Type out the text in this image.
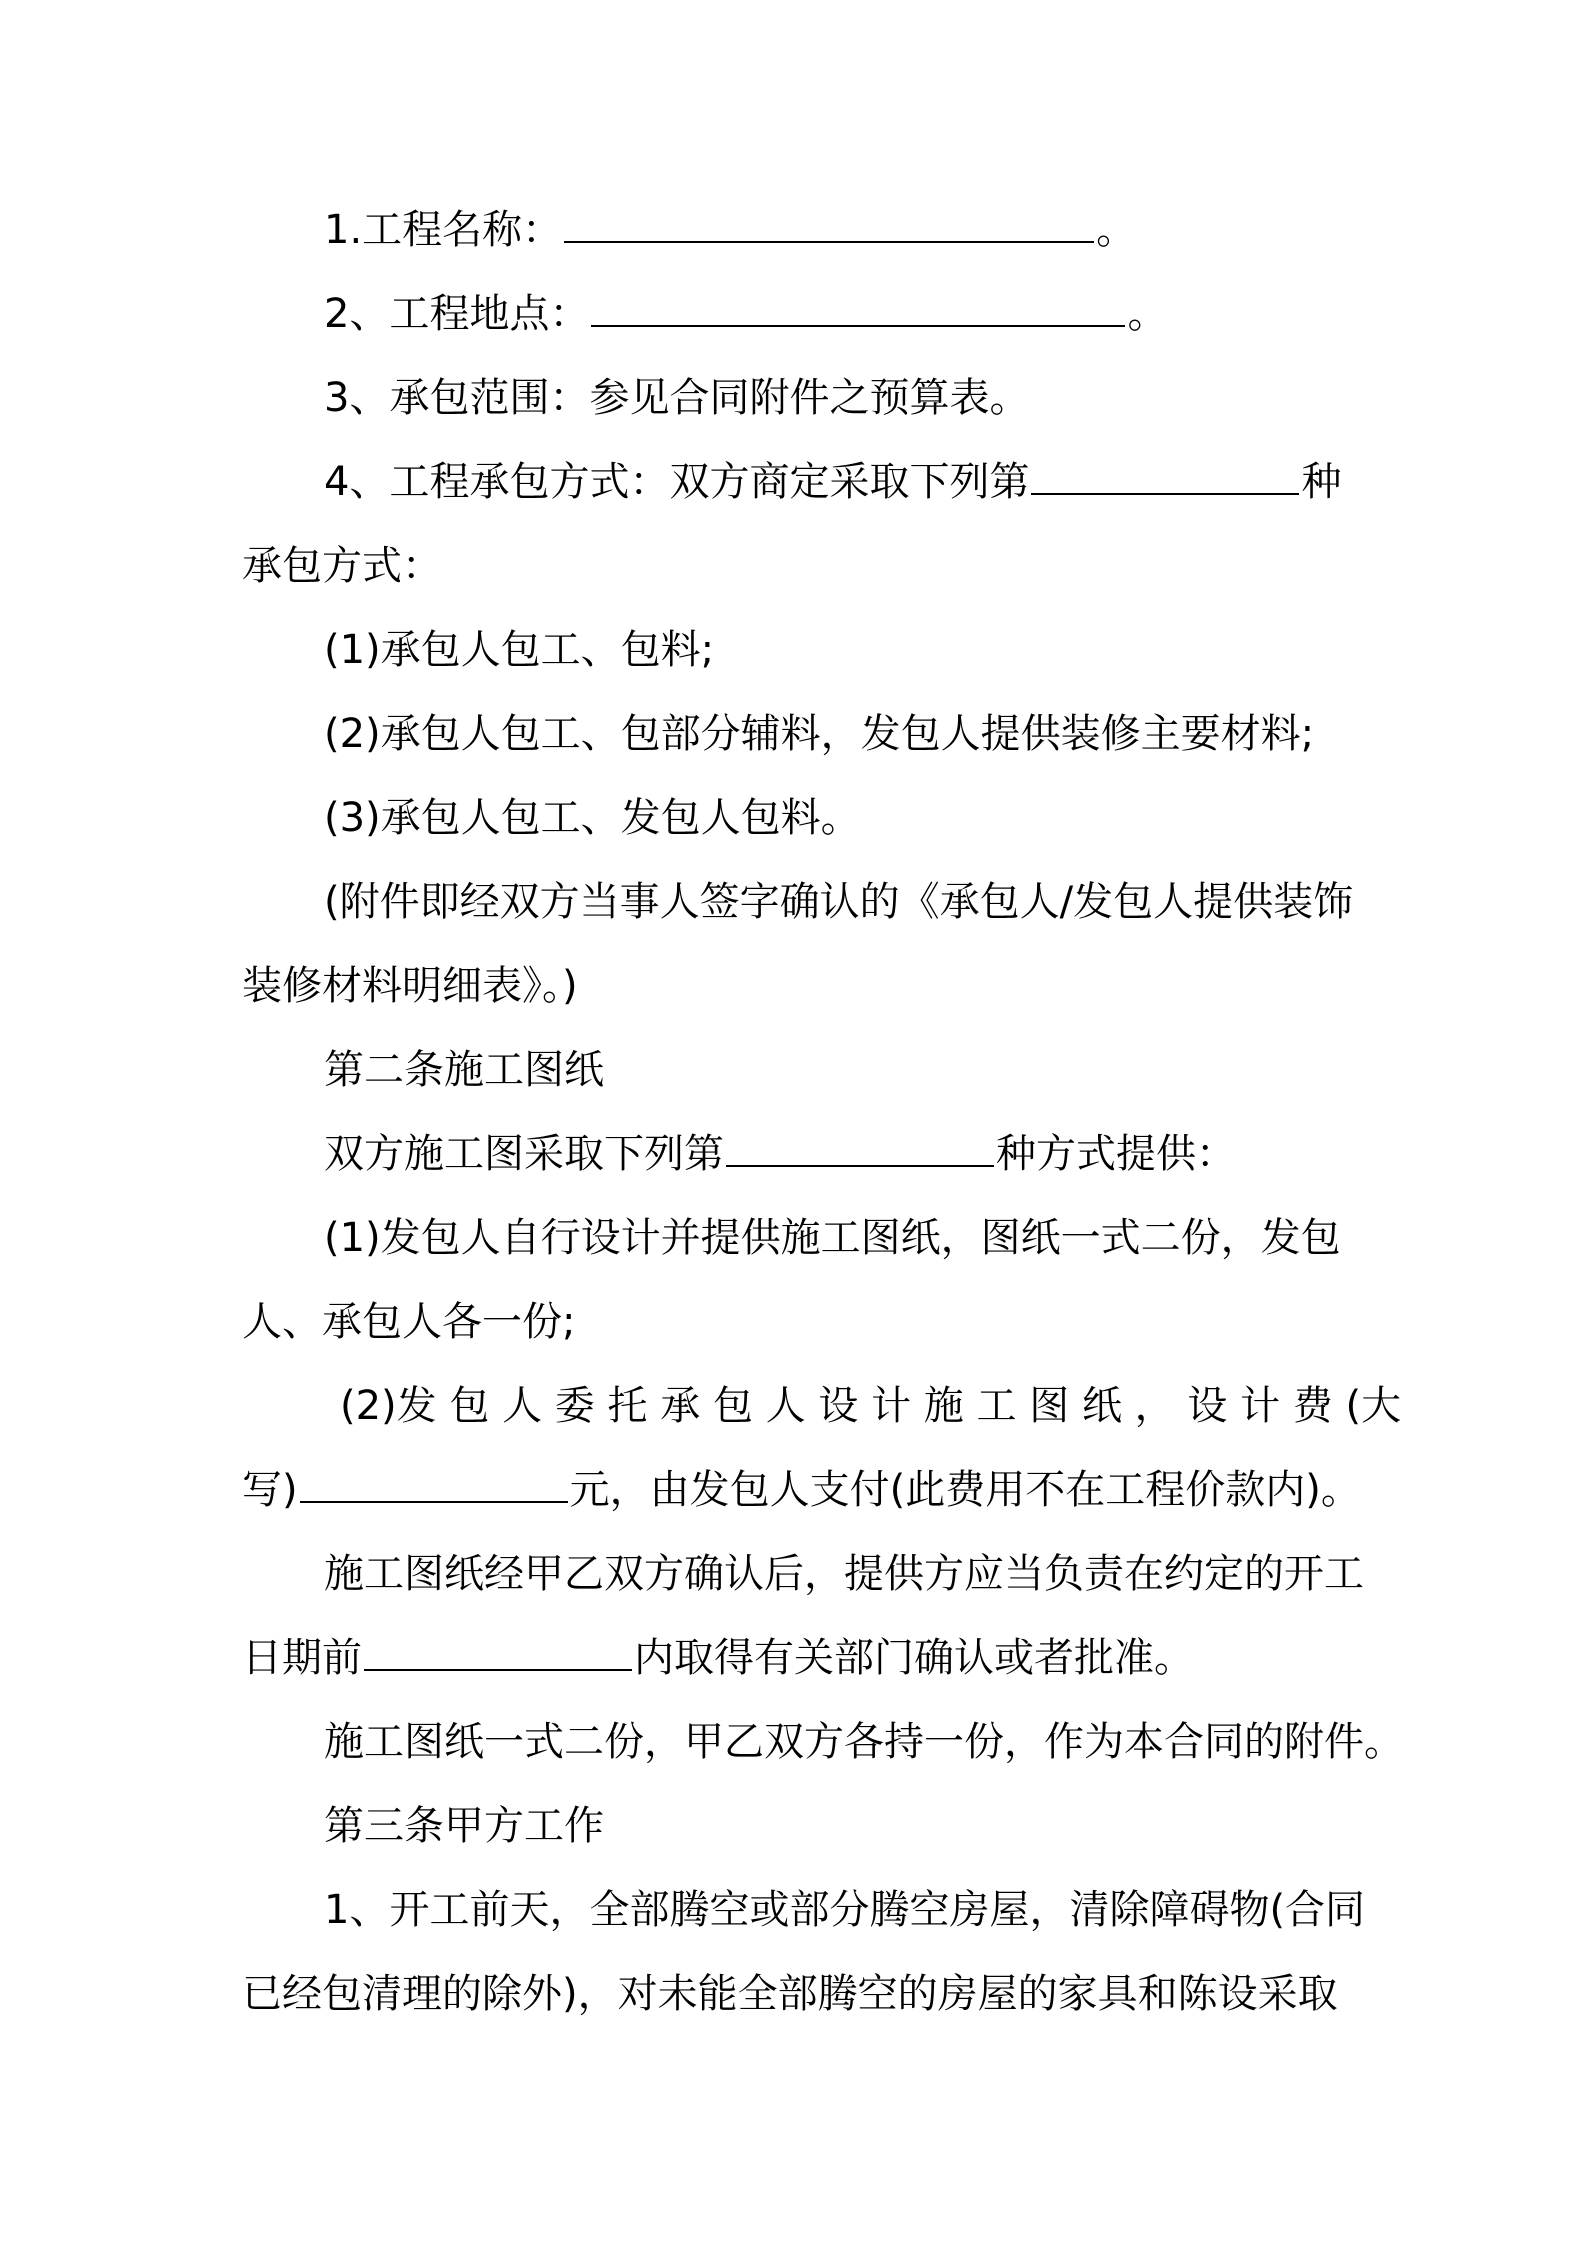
1.工程名称：	。
2、工程地点：	。
3、承包范围：参见合同附件之预算表。
4、工程承包方式：双方商定采取下列第	种
承包方式：
(1)承包人包工、包料;
(2)承包人包工、包部分辅料，发包人提供装修主要材料;
(3)承包人包工、发包人包料。
(附件即经双方当事人签字确认的《承包人/发包人提供装饰
装修材料明细表》。)
第二条施工图纸
双方施工图采取下列第	种方式提供：
(1)发包人自行设计并提供施工图纸，图纸一式二份，发包
人、承包人各一份;
(2)发 包 人 委 托 承 包 人 设 计 施 工 图 纸 ， 设 计 费 (大
写)	元，由发包人支付(此费用不在工程价款内)。
施工图纸经甲乙双方确认后，提供方应当负责在约定的开工
日期前	内取得有关部门确认或者批准。
施工图纸一式二份，甲乙双方各持一份，作为本合同的附件。
第三条甲方工作
1、开工前天，全部腾空或部分腾空房屋，清除障碍物(合同
已经包清理的除外)，对未能全部腾空的房屋的家具和陈设采取
